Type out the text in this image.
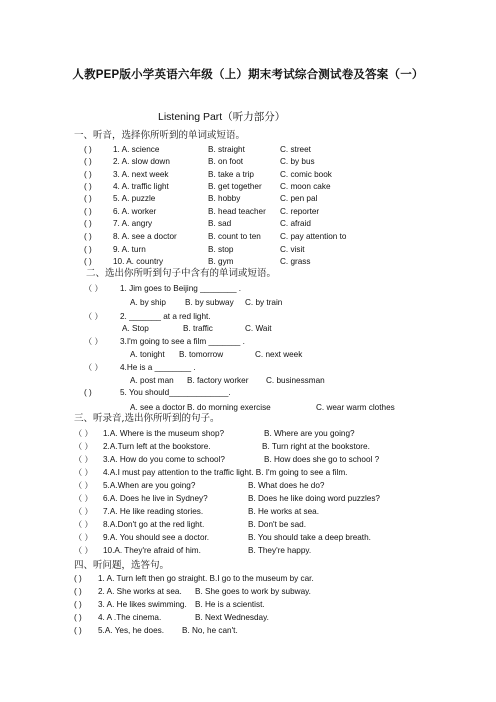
人教PEP版小学英语六年级（上）期末考试综合测试卷及答案（一）
Listening Part（听力部分）
一、听音，选择你所听到的单词或短语。
( )	1. A. science	B. straight	C. street
( )	2. A. slow down	B. on foot	C. by bus
( )	3. A. next week	B. take a trip	C. comic book
( )	4. A. traffic light	B. get together C. moon cake
( )	5. A. puzzle	B. hobby	C. pen pal
( )	6. A. worker	B. head teacher C. reporter
( )	7. A. angry	B. sad	C. afraid
( )	8. A. see a doctor	B. count to ten C. pay attention to
( )	9. A. turn	B. stop	C. visit
( )	10. A. country	B. gym	C. grass
二、选出你所听到句子中含有的单词或短语。
（ ） 1. Jim goes to Beijing ________ .
A. by ship B. by subway C. by train
（ ） 2. _______ at a red light.
A. Stop	B. traffic	C. Wait
（ ） 3.I'm going to see a film _______ .
A. tonight B. tomorrow	C. next week
（ ） 4.He is a ________ .
A. post man B. factory worker C. businessman
( )	5. You should_____________.
A. see a doctor B. do morning exercise	C. wear warm clothes
三、听录音,选出你所听到的句子。
（ ） 1.A. Where is the museum shop?	B. Where are you going?
（ ） 2.A.Turn left at the bookstore.	B. Turn right at the bookstore.
（ ） 3.A. How do you come to school?	B. How does she go to school ?
（ ） 4.A.I must pay attention to the traffic light. B. I'm going to see a film.
（ ） 5.A.When are you going?	B. What does he do?
（ ） 6.A. Does he live in Sydney?	B. Does he like doing word puzzles?
（ ） 7.A. He like reading stories.	B. He works at sea.
（ ） 8.A.Don't go at the red light.	B. Don't be sad.
（ ） 9.A. You should see a doctor.	B. You should take a deep breath.
（ ） 10.A. They're afraid of him.	B. They're happy.
四、听问题，选答句。
( ) 1. A. Turn left then go straight. B.I go to the museum by car.
( ) 2. A. She works at sea. B. She goes to work by subway.
( ) 3. A. He likes swimming. B. He is a scientist.
( ) 4. A .The cinema.	B. Next Wednesday.
( ) 5.A. Yes, he does. B. No, he can't.
